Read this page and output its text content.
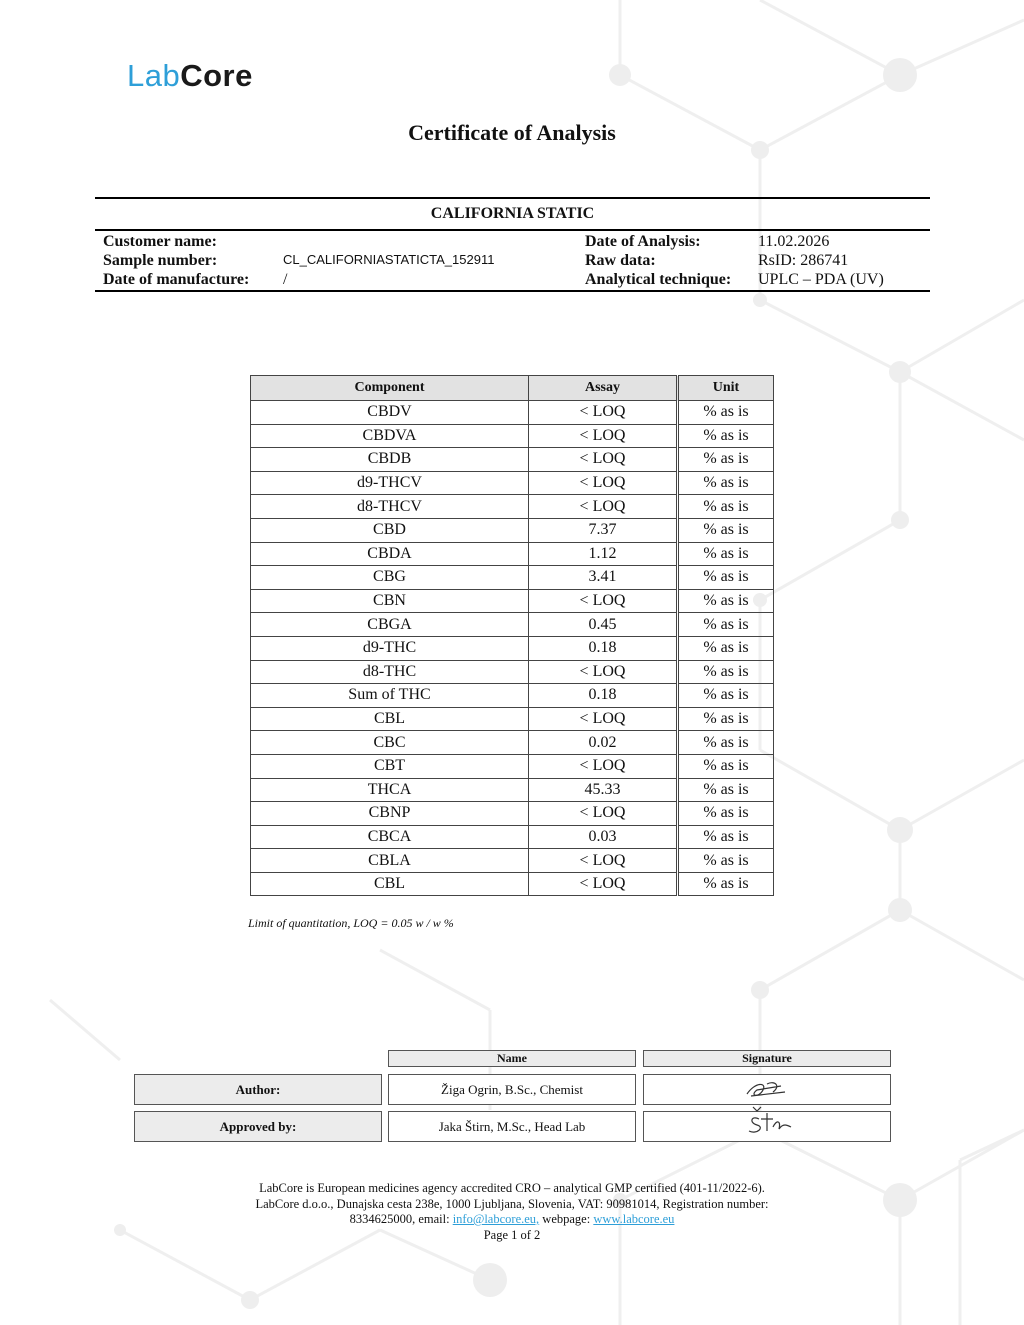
LabCore
Certificate of Analysis
CALIFORNIA STATIC
Customer name:
Sample number:	CL_CALIFORNIASTATICTA_152911
Date of manufacture: /
Date of Analysis:	11.02.2026
Raw data:	RsID: 286741
Analytical technique: UPLC – PDA (UV)
Component	Assay	Unit
CBDV	< LOQ	% as is
CBDVA	< LOQ	% as is
CBDB	< LOQ	% as is
d9-THCV	< LOQ	% as is
d8-THCV	< LOQ	% as is
CBD	7.37	% as is
CBDA	1.12	% as is
CBG	3.41	% as is
CBN	< LOQ	% as is
CBGA	0.45	% as is
d9-THC	0.18	% as is
d8-THC	< LOQ	% as is
Sum of THC	0.18	% as is
CBL	< LOQ	% as is
CBC	0.02	% as is
CBT	< LOQ	% as is
THCA	45.33	% as is
CBNP	< LOQ	% as is
CBCA	0.03	% as is
CBLA	< LOQ	% as is
CBL	< LOQ	% as is
Limit of quantitation, LOQ = 0.05 w / w %
Name	Signature
Author:	Žiga Ogrin, B.Sc., Chemist
Approved by:	Jaka Štirn, M.Sc., Head Lab
LabCore is European medicines agency accredited CRO – analytical GMP certified (401-11/2022-6).
LabCore d.o.o., Dunajska cesta 238e, 1000 Ljubljana, Slovenia, VAT: 90981014, Registration number:
8334625000, email: info@labcore.eu, webpage: www.labcore.eu
Page 1 of 2
